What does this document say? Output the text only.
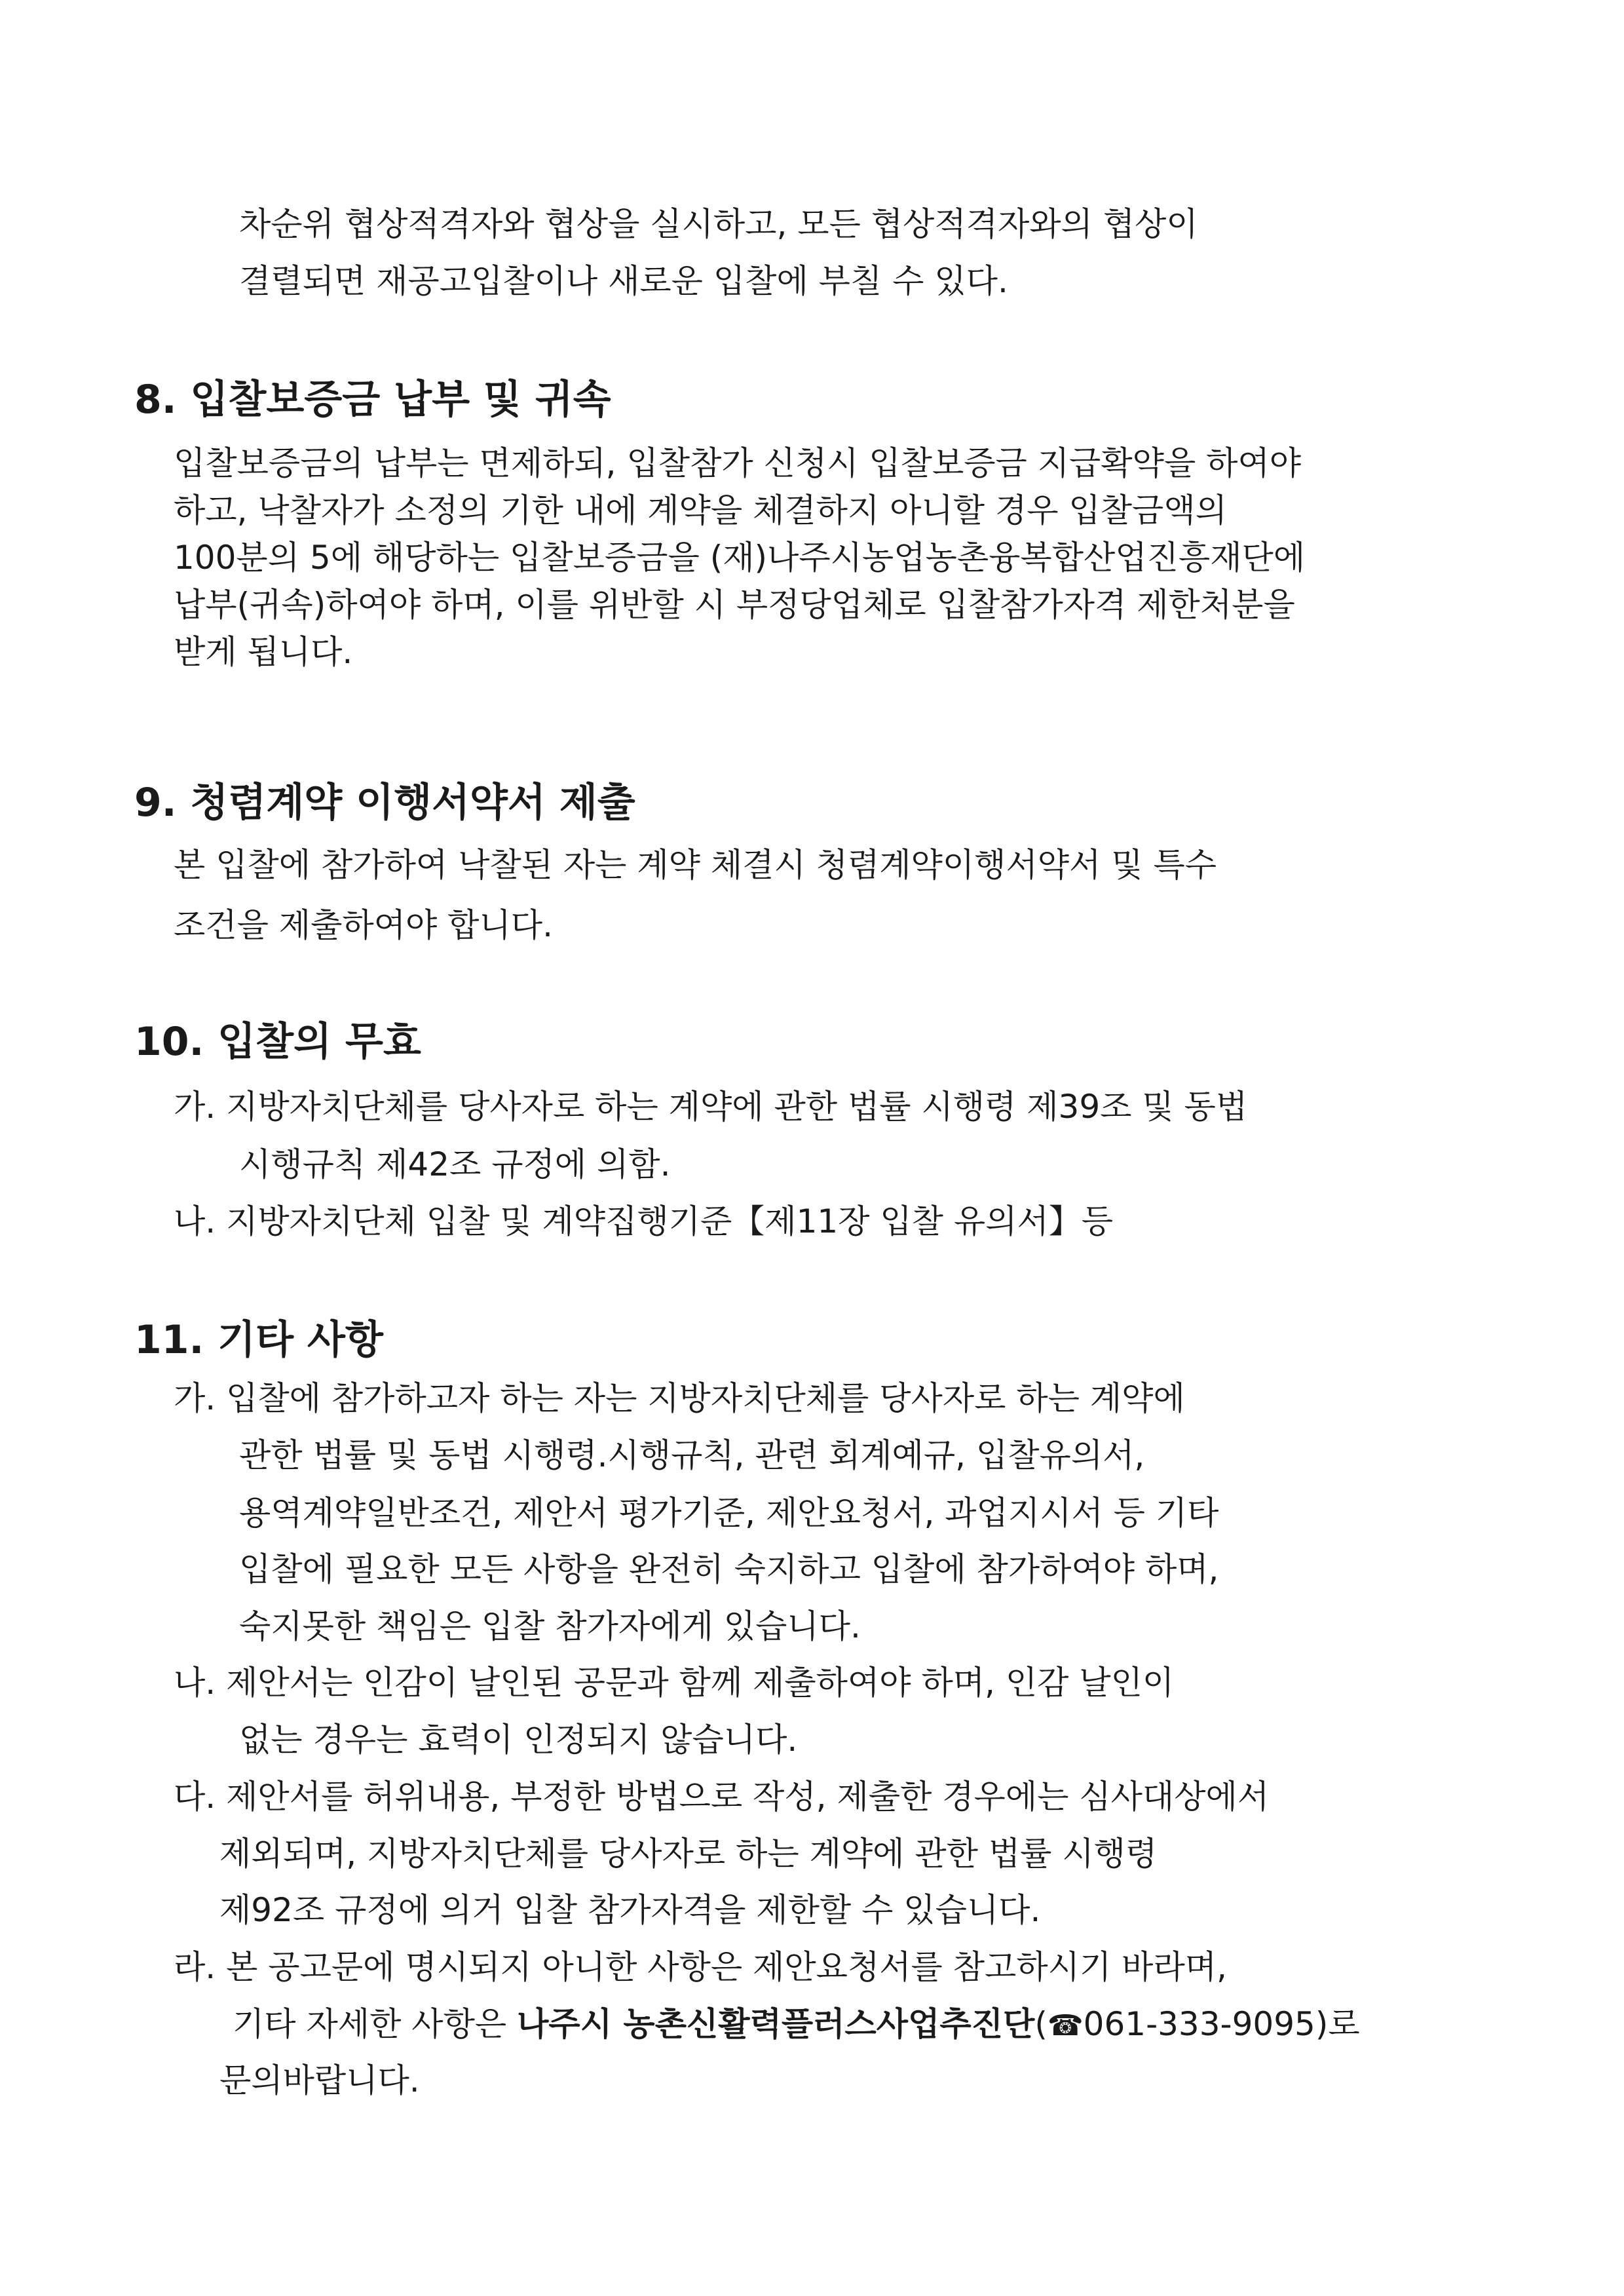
차순위 협상적격자와 협상을 실시하고, 모든 협상적격자와의 협상이
결렬되면 재공고입찰이나 새로운 입찰에 부칠 수 있다.
8. 입찰보증금 납부 및 귀속
입찰보증금의 납부는 면제하되, 입찰참가 신청시 입찰보증금 지급확약을 하여야
하고, 낙찰자가 소정의 기한 내에 계약을 체결하지 아니할 경우 입찰금액의
100분의 5에 해당하는 입찰보증금을 (재)나주시농업농촌융복합산업진흥재단에
납부(귀속)하여야 하며, 이를 위반할 시 부정당업체로 입찰참가자격 제한처분을
받게 됩니다.
9. 청렴계약 이행서약서 제출
본 입찰에 참가하여 낙찰된 자는 계약 체결시 청렴계약이행서약서 및 특수
조건을 제출하여야 합니다.
10. 입찰의 무효
가. 지방자치단체를 당사자로 하는 계약에 관한 법률 시행령 제39조 및 동법
시행규칙 제42조 규정에 의함.
나. 지방자치단체 입찰 및 계약집행기준【제11장 입찰 유의서】등
11. 기타 사항
가. 입찰에 참가하고자 하는 자는 지방자치단체를 당사자로 하는 계약에
관한 법률 및 동법 시행령.시행규칙, 관련 회계예규, 입찰유의서,
용역계약일반조건, 제안서 평가기준, 제안요청서, 과업지시서 등 기타
입찰에 필요한 모든 사항을 완전히 숙지하고 입찰에 참가하여야 하며,
숙지못한 책임은 입찰 참가자에게 있습니다.
나. 제안서는 인감이 날인된 공문과 함께 제출하여야 하며, 인감 날인이
없는 경우는 효력이 인정되지 않습니다.
다. 제안서를 허위내용, 부정한 방법으로 작성, 제출한 경우에는 심사대상에서
제외되며, 지방자치단체를 당사자로 하는 계약에 관한 법률 시행령
제92조 규정에 의거 입찰 참가자격을 제한할 수 있습니다.
라. 본 공고문에 명시되지 아니한 사항은 제안요청서를 참고하시기 바라며,
기타 자세한 사항은 나주시 농촌신활력플러스사업추진단(☎061-333-9095)로
문의바랍니다.
